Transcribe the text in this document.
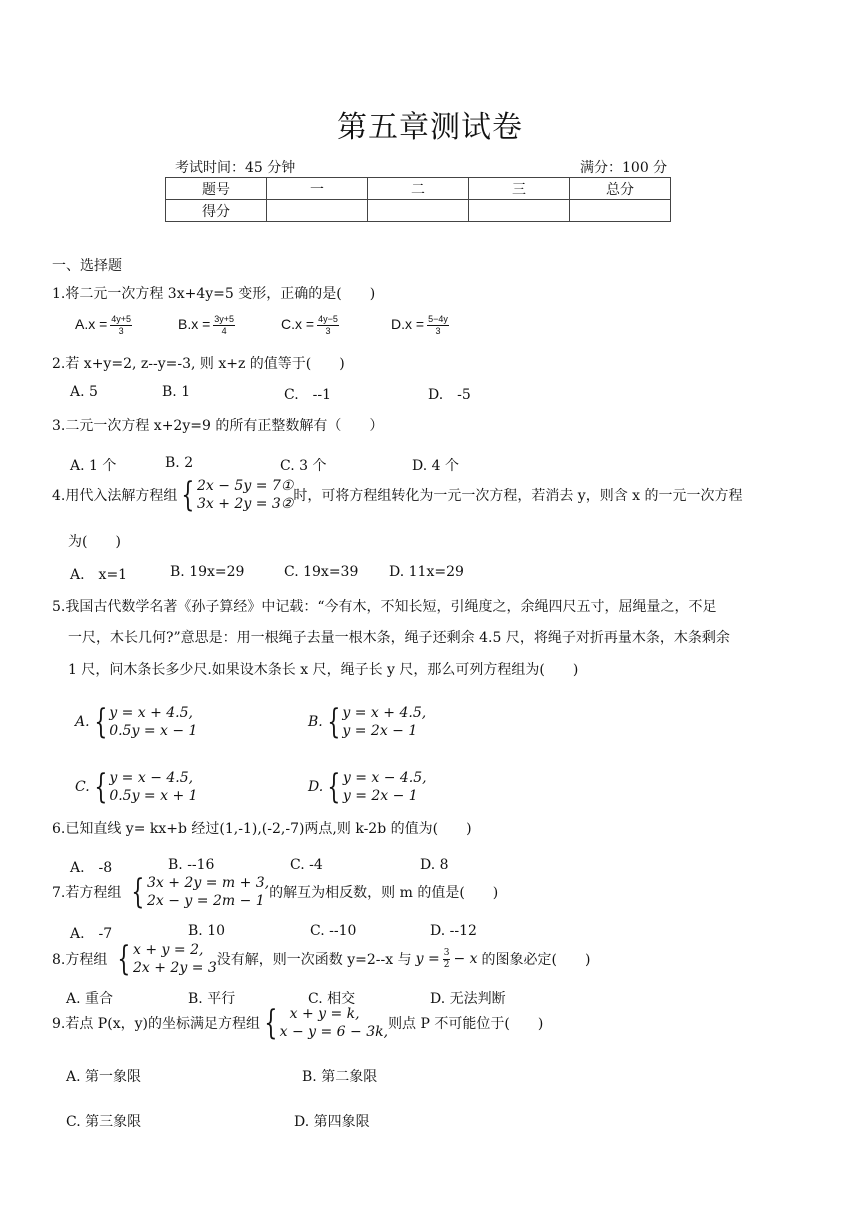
第五章测试卷
考试时间：45 分钟	满分：100 分
题号	一	二	三	总分
得分				
一、选择题
1.将二元一次方程 3x+4y=5 变形，正确的是(　　)
$A.x = \frac{4y+5}{3}$	$B.x = \frac{3y+5}{4}$	$C.x = \frac{4y-5}{3}$	$D.x = \frac{5-4y}{3}$
2.若 x+y=2, z--y=-3, 则 x+z 的值等于(　　)
A. 5	B. 1	C.　--1	D.　-5
3.二元一次方程 x+2y=9 的所有正整数解有（　　）
A. 1 个	B. 2	C. 3 个	D. 4 个
4.用代入法解方程组 { 2x − 5y = 7①
3x + 2y = 3② 时，可将方程组转化为一元一次方程，若消去 y，则含 x 的一元一次方程
为(　　)
A.　x=1	B. 19x=29	C. 19x=39 D. 11x=29
5.我国古代数学名著《孙子算经》中记载：“今有木，不知长短，引绳度之，余绳四尺五寸，屈绳量之，不足
一尺，木长几何?”意思是：用一根绳子去量一根木条，绳子还剩余 4.5 尺，将绳子对折再量木条，木条剩余
1 尺，问木条长多少尺.如果设木条长 x 尺，绳子长 y 尺，那么可列方程组为(　　)
A. { y = x + 4.5,
0.5y = x − 1
B. { y = x + 4.5,
y = 2x − 1
C. { y = x − 4.5,
0.5y = x + 1
D. { y = x − 4.5,
y = 2x − 1
6.已知直线 y= kx+b 经过(1,-1),(-2,-7)两点,则 k-2b 的值为(　　)
A.　-8	B. --16	C. -4	D. 8
7.若方程组 { 3x + 2y = m + 3,
2x − y = 2m − 1 的解互为相反数，则 m 的值是(　　)
A.　-7	B. 10	C. --10	D. --12
8.方程组 { x + y = 2,
2x + 2y = 3 没有解，则一次函数 y=2--x 与 $y = \frac{3}{2} - x$ 的图象必定(　　)
A. 重合	B. 平行	C. 相交	D. 无法判断
9.若点 P(x，y)的坐标满足方程组 { x + y = k,
x − y = 6 − 3k, 则点 P 不可能位于(　　)
A. 第一象限	B. 第二象限
C. 第三象限	D. 第四象限
